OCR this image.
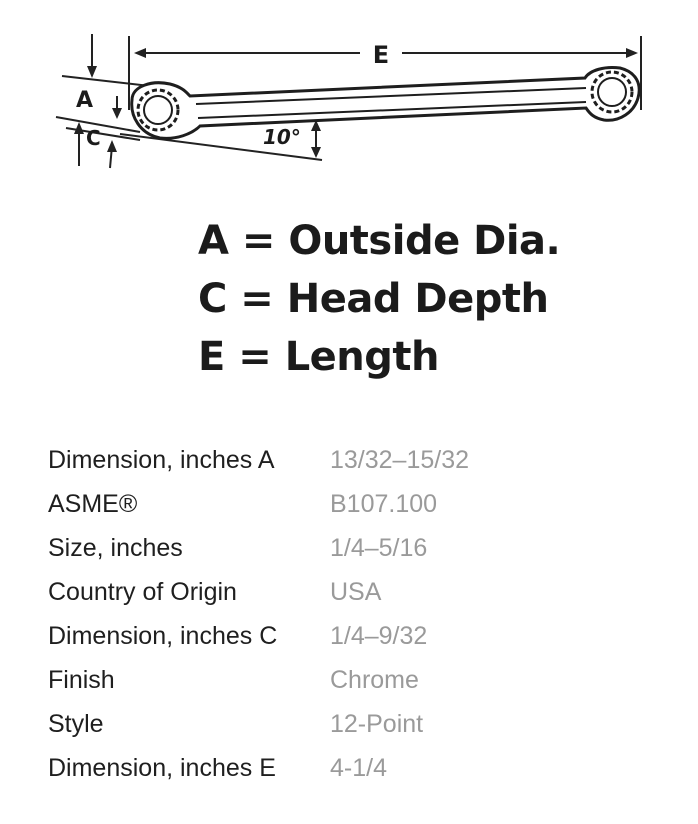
E
A
C	10°
A = Outside Dia.
C = Head Depth
E = Length
Dimension, inches A	13/32–15/32
ASME®	B107.100
Size, inches	1/4–5/16
Country of Origin	USA
Dimension, inches C	1/4–9/32
Finish	Chrome
Style	12-Point
Dimension, inches E	4-1/4
